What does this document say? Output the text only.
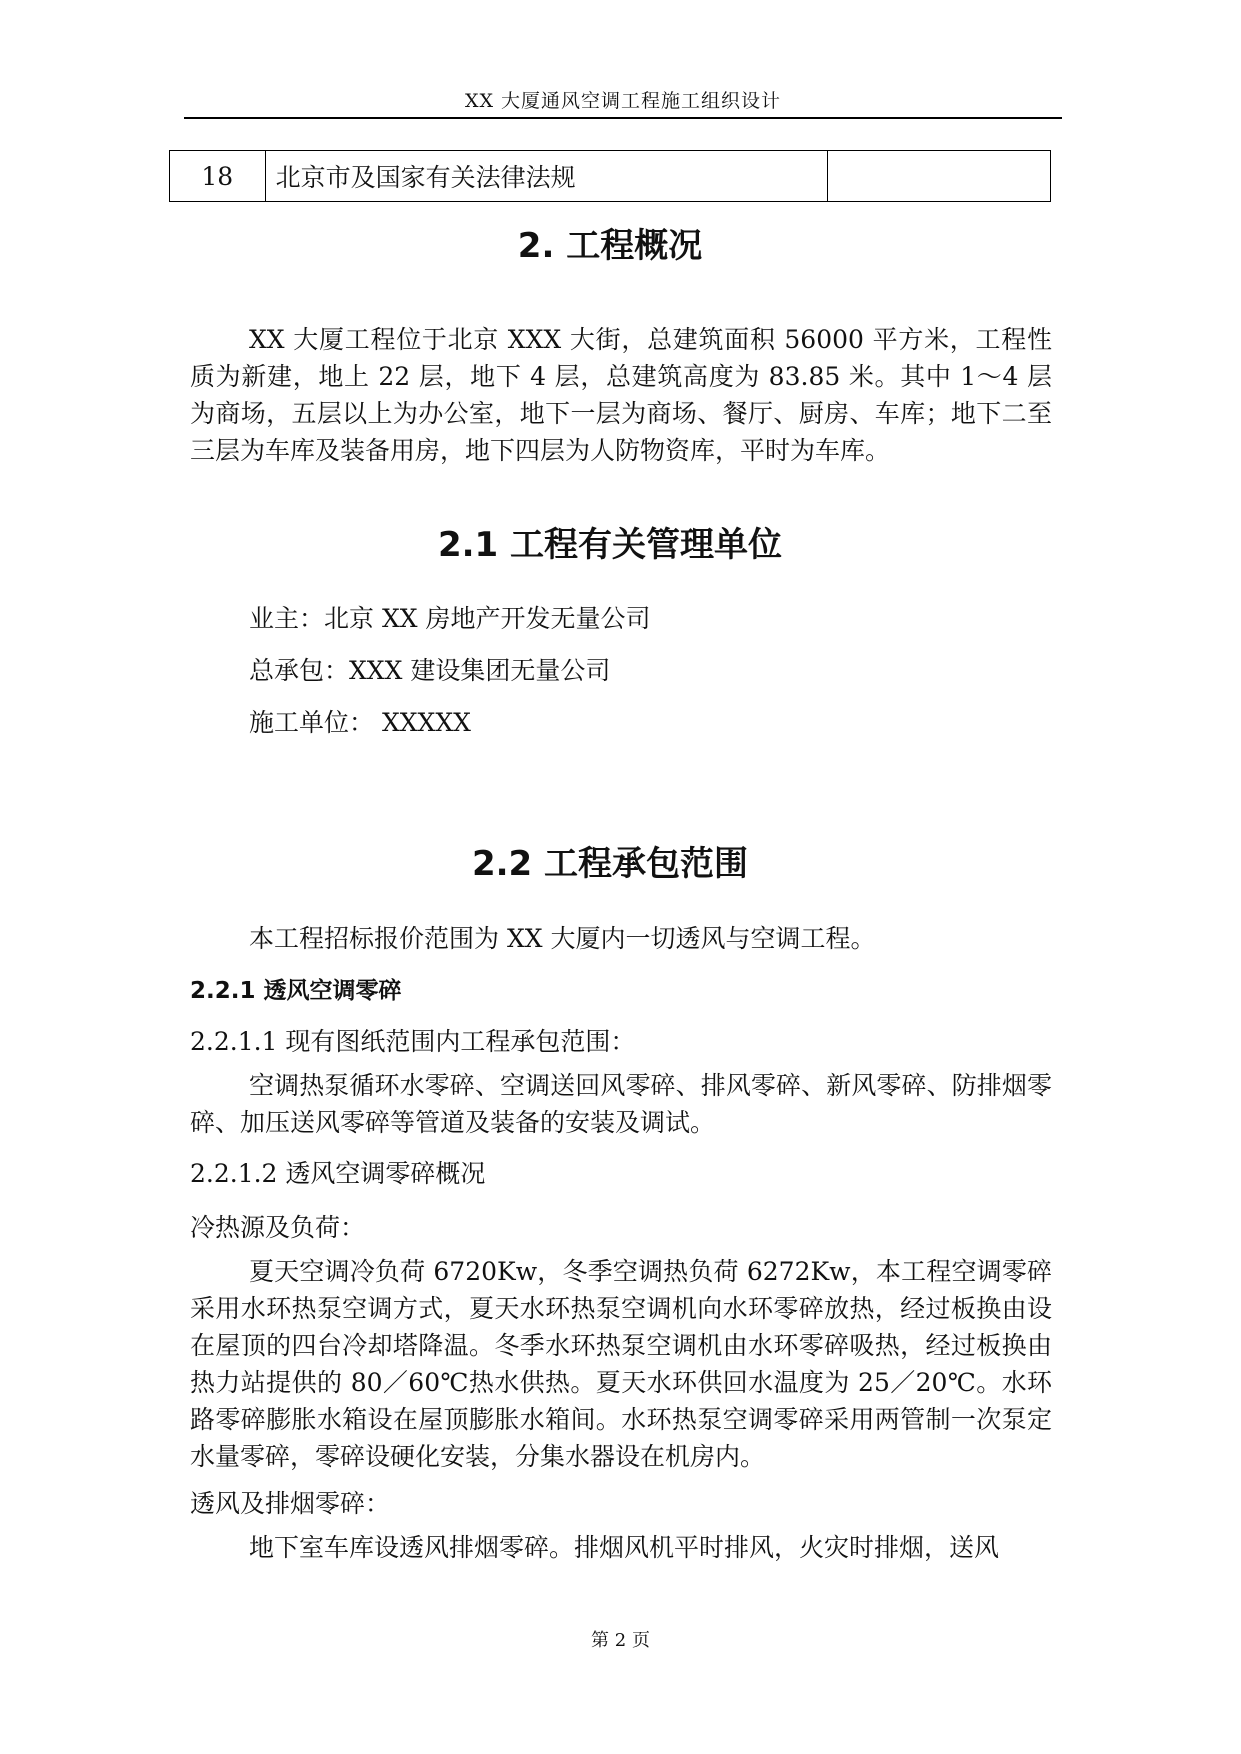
XX 大厦通风空调工程施工组织设计
18	北京市及国家有关法律法规	
2. 工程概况

XX 大厦工程位于北京 XXX 大街，总建筑面积 56000 平方米，工程性质为新建，地上 22 层，地下 4 层，总建筑高度为 83.85 米。其中 1～4 层为商场，五层以上为办公室，地下一层为商场、餐厅、厨房、车库；地下二至三层为车库及装备用房，地下四层为人防物资库，平时为车库。

2.1 工程有关管理单位
业主：北京 XX 房地产开发无量公司
总承包：XXX 建设集团无量公司
施工单位： XXXXX
2.2 工程承包范围
本工程招标报价范围为 XX 大厦内一切透风与空调工程。
2.2.1 透风空调零碎
2.2.1.1 现有图纸范围内工程承包范围：

空调热泵循环水零碎、空调送回风零碎、排风零碎、新风零碎、防排烟零碎、加压送风零碎等管道及装备的安装及调试。

2.2.1.2 透风空调零碎概况
冷热源及负荷：

夏天空调冷负荷 6720Kw，冬季空调热负荷 6272Kw，本工程空调零碎采用水环热泵空调方式，夏天水环热泵空调机向水环零碎放热，经过板换由设在屋顶的四台冷却塔降温。冬季水环热泵空调机由水环零碎吸热，经过板换由热力站提供的 80／60℃热水供热。夏天水环供回水温度为 25／20℃。水环路零碎膨胀水箱设在屋顶膨胀水箱间。水环热泵空调零碎采用两管制一次泵定水量零碎，零碎设硬化安装，分集水器设在机房内。

透风及排烟零碎：

地下室车库设透风排烟零碎。排烟风机平时排风，火灾时排烟，送风

第 2 页
